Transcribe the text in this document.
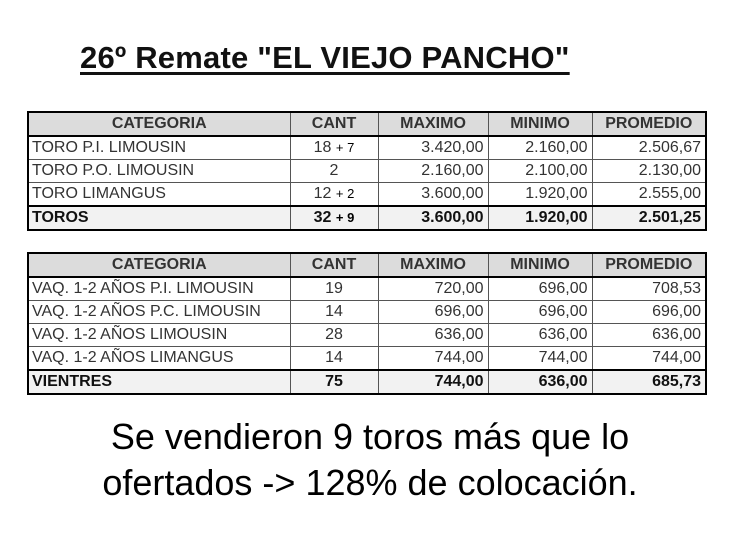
26º Remate "EL VIEJO PANCHO"
CATEGORIA	CANT	MAXIMO	MINIMO	PROMEDIO
TORO P.I. LIMOUSIN	18 + 7	3.420,00	2.160,00	2.506,67
TORO P.O. LIMOUSIN	2	2.160,00	2.100,00	2.130,00
TORO LIMANGUS	12 + 2	3.600,00	1.920,00	2.555,00
TOROS	32 + 9	3.600,00	1.920,00	2.501,25
CATEGORIA	CANT	MAXIMO	MINIMO	PROMEDIO
VAQ. 1-2 AÑOS P.I. LIMOUSIN	19	720,00	696,00	708,53
VAQ. 1-2 AÑOS P.C. LIMOUSIN	14	696,00	696,00	696,00
VAQ. 1-2 AÑOS LIMOUSIN	28	636,00	636,00	636,00
VAQ. 1-2 AÑOS LIMANGUS	14	744,00	744,00	744,00
VIENTRES	75	744,00	636,00	685,73
Se vendieron 9 toros más que lo
ofertados -> 128% de colocación.
